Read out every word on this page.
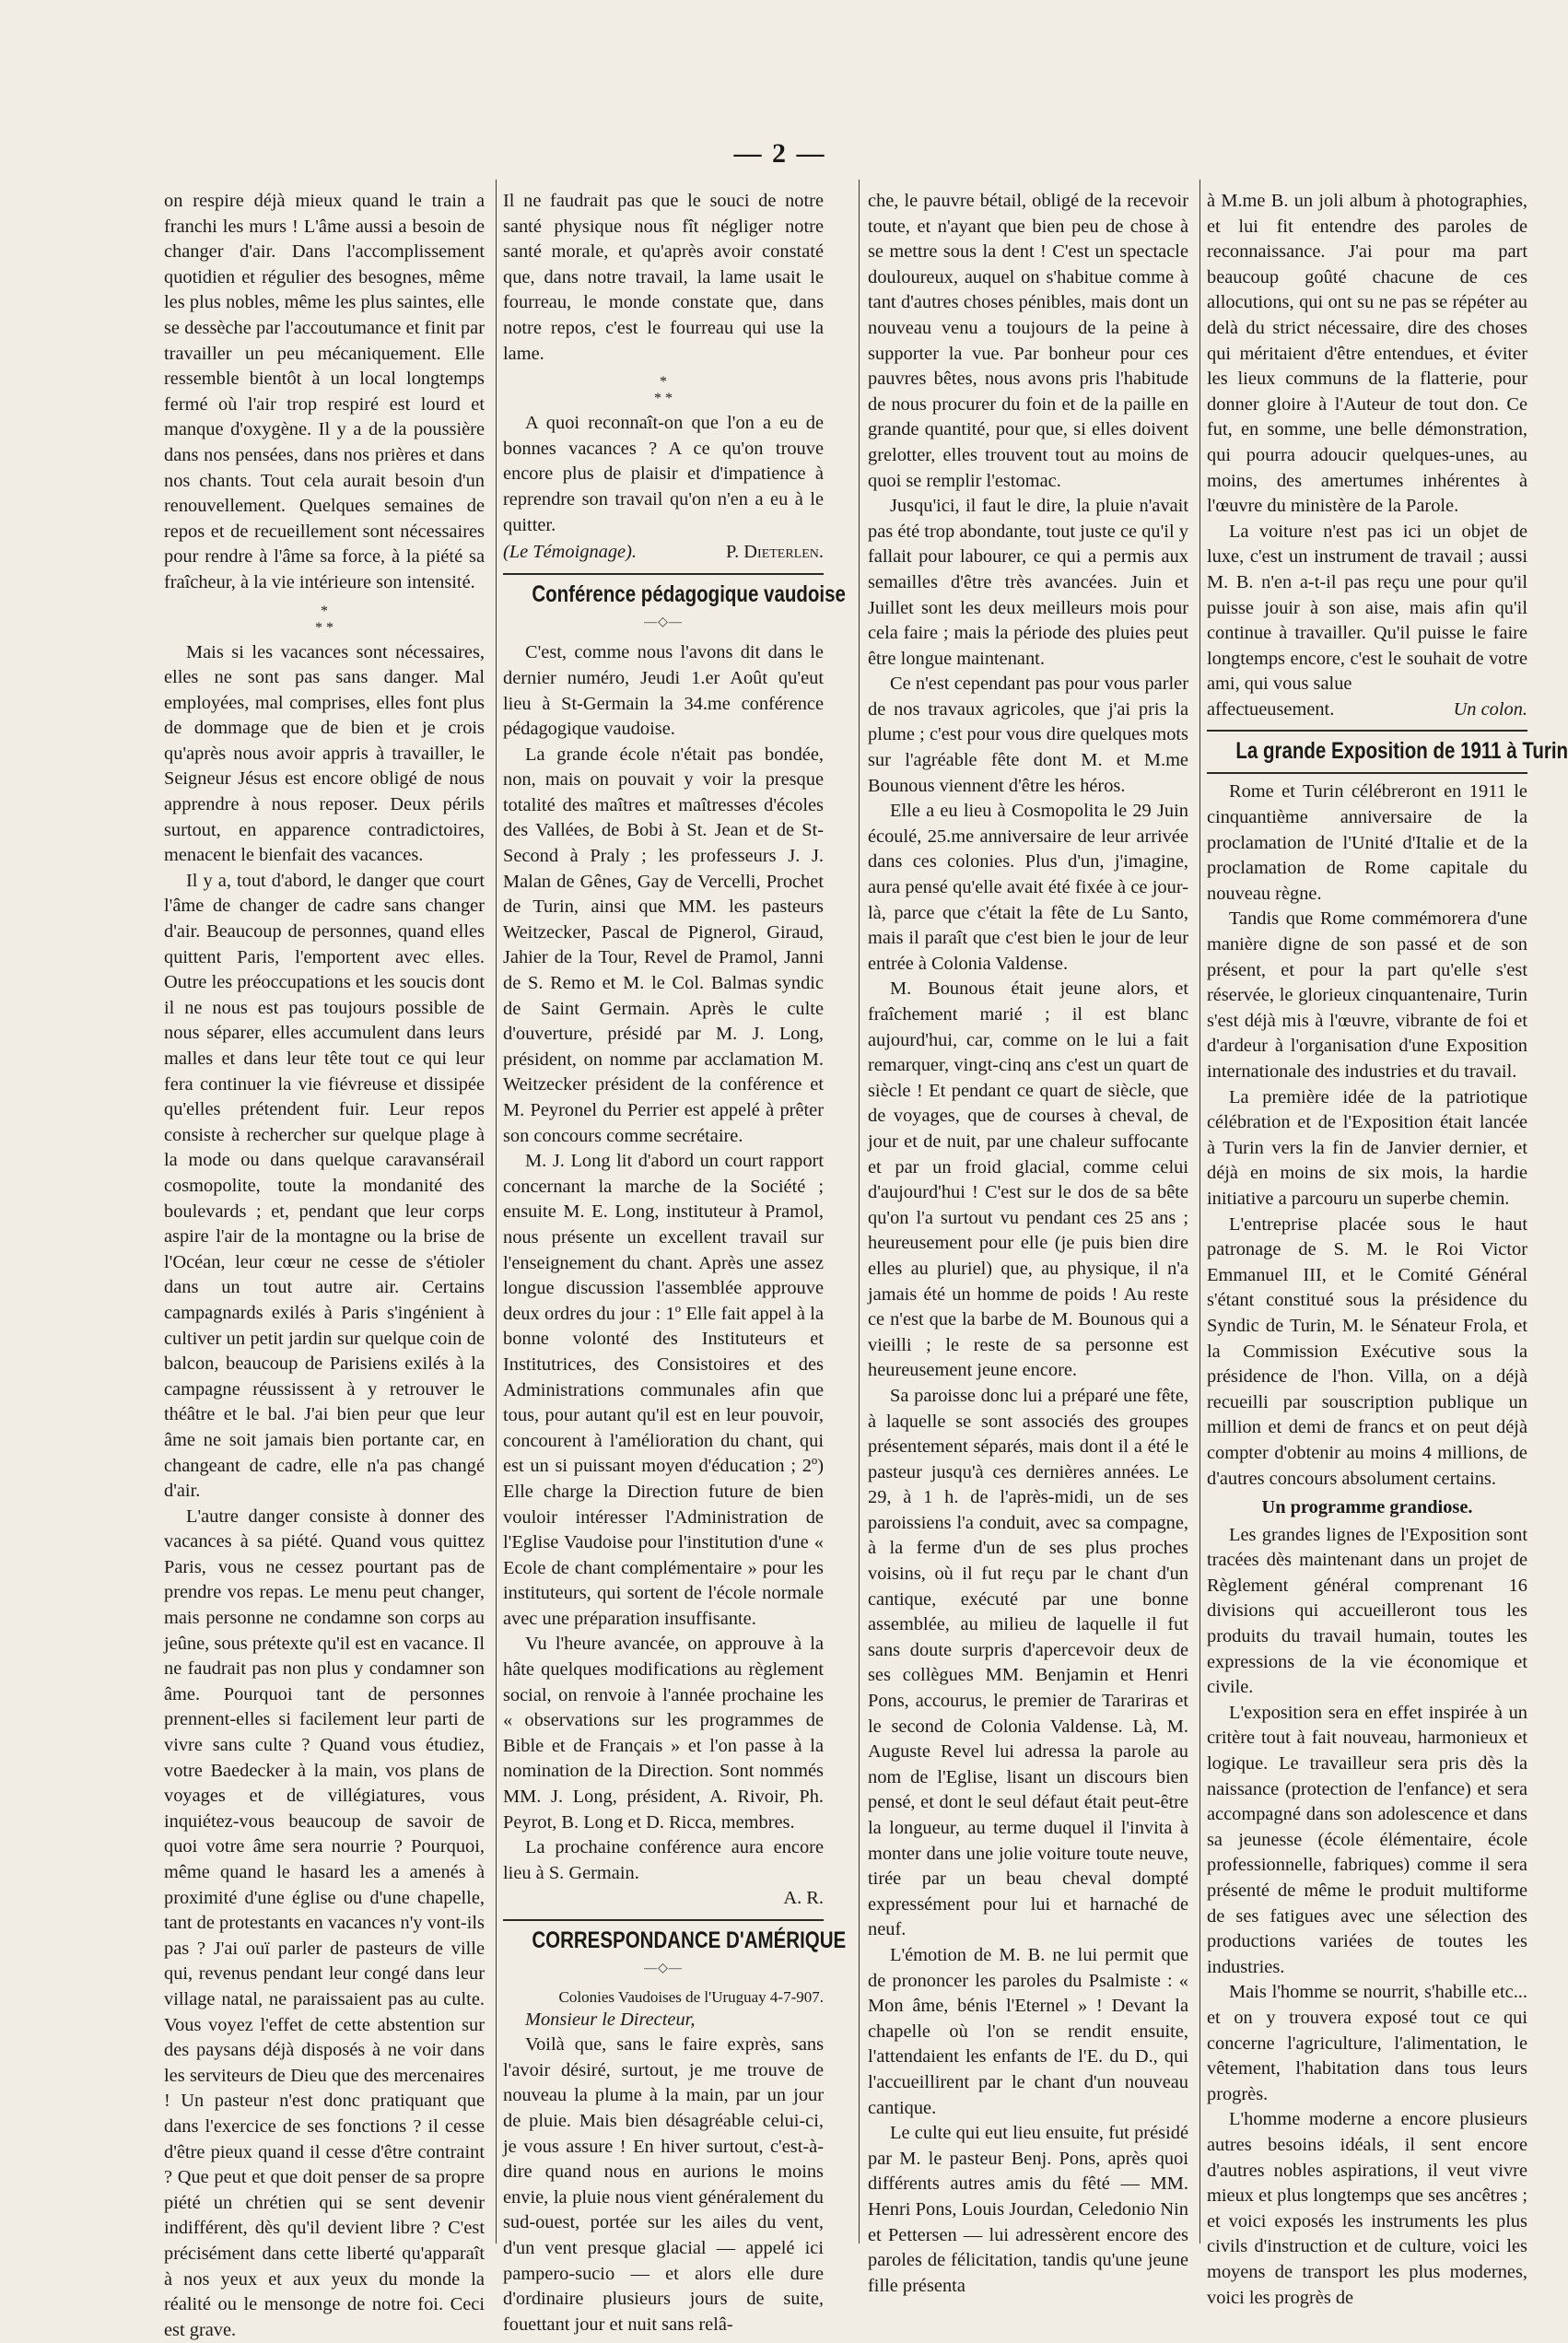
— 2 —

on respire déjà mieux quand le train a franchi les murs ! L'âme aussi a besoin de changer d'air. Dans l'accomplissement quotidien et régulier des besognes, même les plus nobles, même les plus saintes, elle se dessèche par l'accoutumance et finit par travailler un peu mécaniquement. Elle ressemble bientôt à un local longtemps fermé où l'air trop respiré est lourd et manque d'oxygène. Il y a de la poussière dans nos pensées, dans nos prières et dans nos chants. Tout cela aurait besoin d'un renouvellement. Quelques semaines de repos et de recueillement sont nécessaires pour rendre à l'âme sa force, à la piété sa fraîcheur, à la vie intérieure son intensité.

*
* *

Mais si les vacances sont nécessaires, elles ne sont pas sans danger. Mal employées, mal comprises, elles font plus de dommage que de bien et je crois qu'après nous avoir appris à travailler, le Seigneur Jésus est encore obligé de nous apprendre à nous reposer. Deux périls surtout, en apparence contradictoires, menacent le bienfait des vacances.

Il y a, tout d'abord, le danger que court l'âme de changer de cadre sans changer d'air. Beaucoup de personnes, quand elles quittent Paris, l'emportent avec elles. Outre les préoccupations et les soucis dont il ne nous est pas toujours possible de nous séparer, elles accumulent dans leurs malles et dans leur tête tout ce qui leur fera continuer la vie fiévreuse et dissipée qu'elles prétendent fuir. Leur repos consiste à rechercher sur quelque plage à la mode ou dans quelque caravansérail cosmopolite, toute la mondanité des boulevards ; et, pendant que leur corps aspire l'air de la montagne ou la brise de l'Océan, leur cœur ne cesse de s'étioler dans un tout autre air. Certains campagnards exilés à Paris s'ingénient à cultiver un petit jardin sur quelque coin de balcon, beaucoup de Parisiens exilés à la campagne réussissent à y retrouver le théâtre et le bal. J'ai bien peur que leur âme ne soit jamais bien portante car, en changeant de cadre, elle n'a pas changé d'air.

L'autre danger consiste à donner des vacances à sa piété. Quand vous quittez Paris, vous ne cessez pourtant pas de prendre vos repas. Le menu peut changer, mais personne ne condamne son corps au jeûne, sous prétexte qu'il est en vacance. Il ne faudrait pas non plus y condamner son âme. Pourquoi tant de personnes prennent-elles si facilement leur parti de vivre sans culte ? Quand vous étudiez, votre Baedecker à la main, vos plans de voyages et de villégiatures, vous inquiétez-vous beaucoup de savoir de quoi votre âme sera nourrie ? Pourquoi, même quand le hasard les a amenés à proximité d'une église ou d'une chapelle, tant de protestants en vacances n'y vont-ils pas ? J'ai ouï parler de pasteurs de ville qui, revenus pendant leur congé dans leur village natal, ne paraissaient pas au culte. Vous voyez l'effet de cette abstention sur des paysans déjà disposés à ne voir dans les serviteurs de Dieu que des mercenaires ! Un pasteur n'est donc pratiquant que dans l'exercice de ses fonctions ? il cesse d'être pieux quand il cesse d'être contraint ? Que peut et que doit penser de sa propre piété un chrétien qui se sent devenir indifférent, dès qu'il devient libre ? C'est précisément dans cette liberté qu'apparaît à nos yeux et aux yeux du monde la réalité ou le mensonge de notre foi. Ceci est grave.

Il ne faudrait pas que le souci de notre santé physique nous fît négliger notre santé morale, et qu'après avoir constaté que, dans notre travail, la lame usait le fourreau, le monde constate que, dans notre repos, c'est le fourreau qui use la lame.

*
* *

A quoi reconnaît-on que l'on a eu de bonnes vacances ? A ce qu'on trouve encore plus de plaisir et d'impatience à reprendre son travail qu'on n'en a eu à le quitter.

(Le Témoignage).	P. Dieterlen.
Conférence pédagogique vaudoise
—◇—

C'est, comme nous l'avons dit dans le dernier numéro, Jeudi 1.er Août qu'eut lieu à St-Germain la 34.me conférence pédagogique vaudoise.

La grande école n'était pas bondée, non, mais on pouvait y voir la presque totalité des maîtres et maîtresses d'écoles des Vallées, de Bobi à St. Jean et de St-Second à Praly ; les professeurs J. J. Malan de Gênes, Gay de Vercelli, Prochet de Turin, ainsi que MM. les pasteurs Weitzecker, Pascal de Pignerol, Giraud, Jahier de la Tour, Revel de Pramol, Janni de S. Remo et M. le Col. Balmas syndic de Saint Germain. Après le culte d'ouverture, présidé par M. J. Long, président, on nomme par acclamation M. Weitzecker président de la conférence et M. Peyronel du Perrier est appelé à prêter son concours comme secrétaire.

M. J. Long lit d'abord un court rapport concernant la marche de la Société ; ensuite M. E. Long, instituteur à Pramol, nous présente un excellent travail sur l'enseignement du chant. Après une assez longue discussion l'assemblée approuve deux ordres du jour : 1º Elle fait appel à la bonne volonté des Instituteurs et Institutrices, des Consistoires et des Administrations communales afin que tous, pour autant qu'il est en leur pouvoir, concourent à l'amélioration du chant, qui est un si puissant moyen d'éducation ; 2º) Elle charge la Direction future de bien vouloir intéresser l'Administration de l'Eglise Vaudoise pour l'institution d'une « Ecole de chant complémentaire » pour les instituteurs, qui sortent de l'école normale avec une préparation insuffisante.

Vu l'heure avancée, on approuve à la hâte quelques modifications au règlement social, on renvoie à l'année prochaine les « observations sur les programmes de Bible et de Français » et l'on passe à la nomination de la Direction. Sont nommés MM. J. Long, président, A. Rivoir, Ph. Peyrot, B. Long et D. Ricca, membres.

La prochaine conférence aura encore lieu à S. Germain.

A. R.
CORRESPONDANCE D'AMÉRIQUE
—◇—
Colonies Vaudoises de l'Uruguay 4-7-907.

Monsieur le Directeur,

Voilà que, sans le faire exprès, sans l'avoir désiré, surtout, je me trouve de nouveau la plume à la main, par un jour de pluie. Mais bien désagréable celui-ci, je vous assure ! En hiver surtout, c'est-à-dire quand nous en aurions le moins envie, la pluie nous vient généralement du sud-ouest, portée sur les ailes du vent, d'un vent presque glacial — appelé ici pampero-sucio — et alors elle dure d'ordinaire plusieurs jours de suite, fouettant jour et nuit sans relâ-

che, le pauvre bétail, obligé de la recevoir toute, et n'ayant que bien peu de chose à se mettre sous la dent ! C'est un spectacle douloureux, auquel on s'habitue comme à tant d'autres choses pénibles, mais dont un nouveau venu a toujours de la peine à supporter la vue. Par bonheur pour ces pauvres bêtes, nous avons pris l'habitude de nous procurer du foin et de la paille en grande quantité, pour que, si elles doivent grelotter, elles trouvent tout au moins de quoi se remplir l'estomac.

Jusqu'ici, il faut le dire, la pluie n'avait pas été trop abondante, tout juste ce qu'il y fallait pour labourer, ce qui a permis aux semailles d'être très avancées. Juin et Juillet sont les deux meilleurs mois pour cela faire ; mais la période des pluies peut être longue maintenant.

Ce n'est cependant pas pour vous parler de nos travaux agricoles, que j'ai pris la plume ; c'est pour vous dire quelques mots sur l'agréable fête dont M. et M.me Bounous viennent d'être les héros.

Elle a eu lieu à Cosmopolita le 29 Juin écoulé, 25.me anniversaire de leur arrivée dans ces colonies. Plus d'un, j'imagine, aura pensé qu'elle avait été fixée à ce jour-là, parce que c'était la fête de Lu Santo, mais il paraît que c'est bien le jour de leur entrée à Colonia Valdense.

M. Bounous était jeune alors, et fraîchement marié ; il est blanc aujourd'hui, car, comme on le lui a fait remarquer, vingt-cinq ans c'est un quart de siècle ! Et pendant ce quart de siècle, que de voyages, que de courses à cheval, de jour et de nuit, par une chaleur suffocante et par un froid glacial, comme celui d'aujourd'hui ! C'est sur le dos de sa bête qu'on l'a surtout vu pendant ces 25 ans ; heureusement pour elle (je puis bien dire elles au pluriel) que, au physique, il n'a jamais été un homme de poids ! Au reste ce n'est que la barbe de M. Bounous qui a vieilli ; le reste de sa personne est heureusement jeune encore.

Sa paroisse donc lui a préparé une fête, à laquelle se sont associés des groupes présentement séparés, mais dont il a été le pasteur jusqu'à ces dernières années. Le 29, à 1 h. de l'après-midi, un de ses paroissiens l'a conduit, avec sa compagne, à la ferme d'un de ses plus proches voisins, où il fut reçu par le chant d'un cantique, exécuté par une bonne assemblée, au milieu de laquelle il fut sans doute surpris d'apercevoir deux de ses collègues MM. Benjamin et Henri Pons, accourus, le premier de Tarariras et le second de Colonia Valdense. Là, M. Auguste Revel lui adressa la parole au nom de l'Eglise, lisant un discours bien pensé, et dont le seul défaut était peut-être la longueur, au terme duquel il l'invita à monter dans une jolie voiture toute neuve, tirée par un beau cheval dompté expressément pour lui et harnaché de neuf.

L'émotion de M. B. ne lui permit que de prononcer les paroles du Psalmiste : « Mon âme, bénis l'Eternel » ! Devant la chapelle où l'on se rendit ensuite, l'attendaient les enfants de l'E. du D., qui l'accueillirent par le chant d'un nouveau cantique.

Le culte qui eut lieu ensuite, fut présidé par M. le pasteur Benj. Pons, après quoi différents autres amis du fêté — MM. Henri Pons, Louis Jourdan, Celedonio Nin et Pettersen — lui adressèrent encore des paroles de félicitation, tandis qu'une jeune fille présenta

à M.me B. un joli album à photographies, et lui fit entendre des paroles de reconnaissance. J'ai pour ma part beaucoup goûté chacune de ces allocutions, qui ont su ne pas se répéter au delà du strict nécessaire, dire des choses qui méritaient d'être entendues, et éviter les lieux communs de la flatterie, pour donner gloire à l'Auteur de tout don. Ce fut, en somme, une belle démonstration, qui pourra adoucir quelques-unes, au moins, des amertumes inhérentes à l'œuvre du ministère de la Parole.

La voiture n'est pas ici un objet de luxe, c'est un instrument de travail ; aussi M. B. n'en a-t-il pas reçu une pour qu'il puisse jouir à son aise, mais afin qu'il continue à travailler. Qu'il puisse le faire longtemps encore, c'est le souhait de votre ami, qui vous salue

affectueusement.	Un colon.
La grande Exposition de 1911 à Turin

Rome et Turin célébreront en 1911 le cinquantième anniversaire de la proclamation de l'Unité d'Italie et de la proclamation de Rome capitale du nouveau règne.

Tandis que Rome commémorera d'une manière digne de son passé et de son présent, et pour la part qu'elle s'est réservée, le glorieux cinquantenaire, Turin s'est déjà mis à l'œuvre, vibrante de foi et d'ardeur à l'organisation d'une Exposition internationale des industries et du travail.

La première idée de la patriotique célébration et de l'Exposition était lancée à Turin vers la fin de Janvier dernier, et déjà en moins de six mois, la hardie initiative a parcouru un superbe chemin.

L'entreprise placée sous le haut patronage de S. M. le Roi Victor Emmanuel III, et le Comité Général s'étant constitué sous la présidence du Syndic de Turin, M. le Sénateur Frola, et la Commission Exécutive sous la présidence de l'hon. Villa, on a déjà recueilli par souscription publique un million et demi de francs et on peut déjà compter d'obtenir au moins 4 millions, de d'autres concours absolument certains.

Un programme grandiose.

Les grandes lignes de l'Exposition sont tracées dès maintenant dans un projet de Règlement général comprenant 16 divisions qui accueilleront tous les produits du travail humain, toutes les expressions de la vie économique et civile.

L'exposition sera en effet inspirée à un critère tout à fait nouveau, harmonieux et logique. Le travailleur sera pris dès la naissance (protection de l'enfance) et sera accompagné dans son adolescence et dans sa jeunesse (école élémentaire, école professionnelle, fabriques) comme il sera présenté de même le produit multiforme de ses fatigues avec une sélection des productions variées de toutes les industries.

Mais l'homme se nourrit, s'habille etc... et on y trouvera exposé tout ce qui concerne l'agriculture, l'alimentation, le vêtement, l'habitation dans tous leurs progrès.

L'homme moderne a encore plusieurs autres besoins idéals, il sent encore d'autres nobles aspirations, il veut vivre mieux et plus longtemps que ses ancêtres ; et voici exposés les instruments les plus civils d'instruction et de culture, voici les moyens de transport les plus modernes, voici les progrès de
